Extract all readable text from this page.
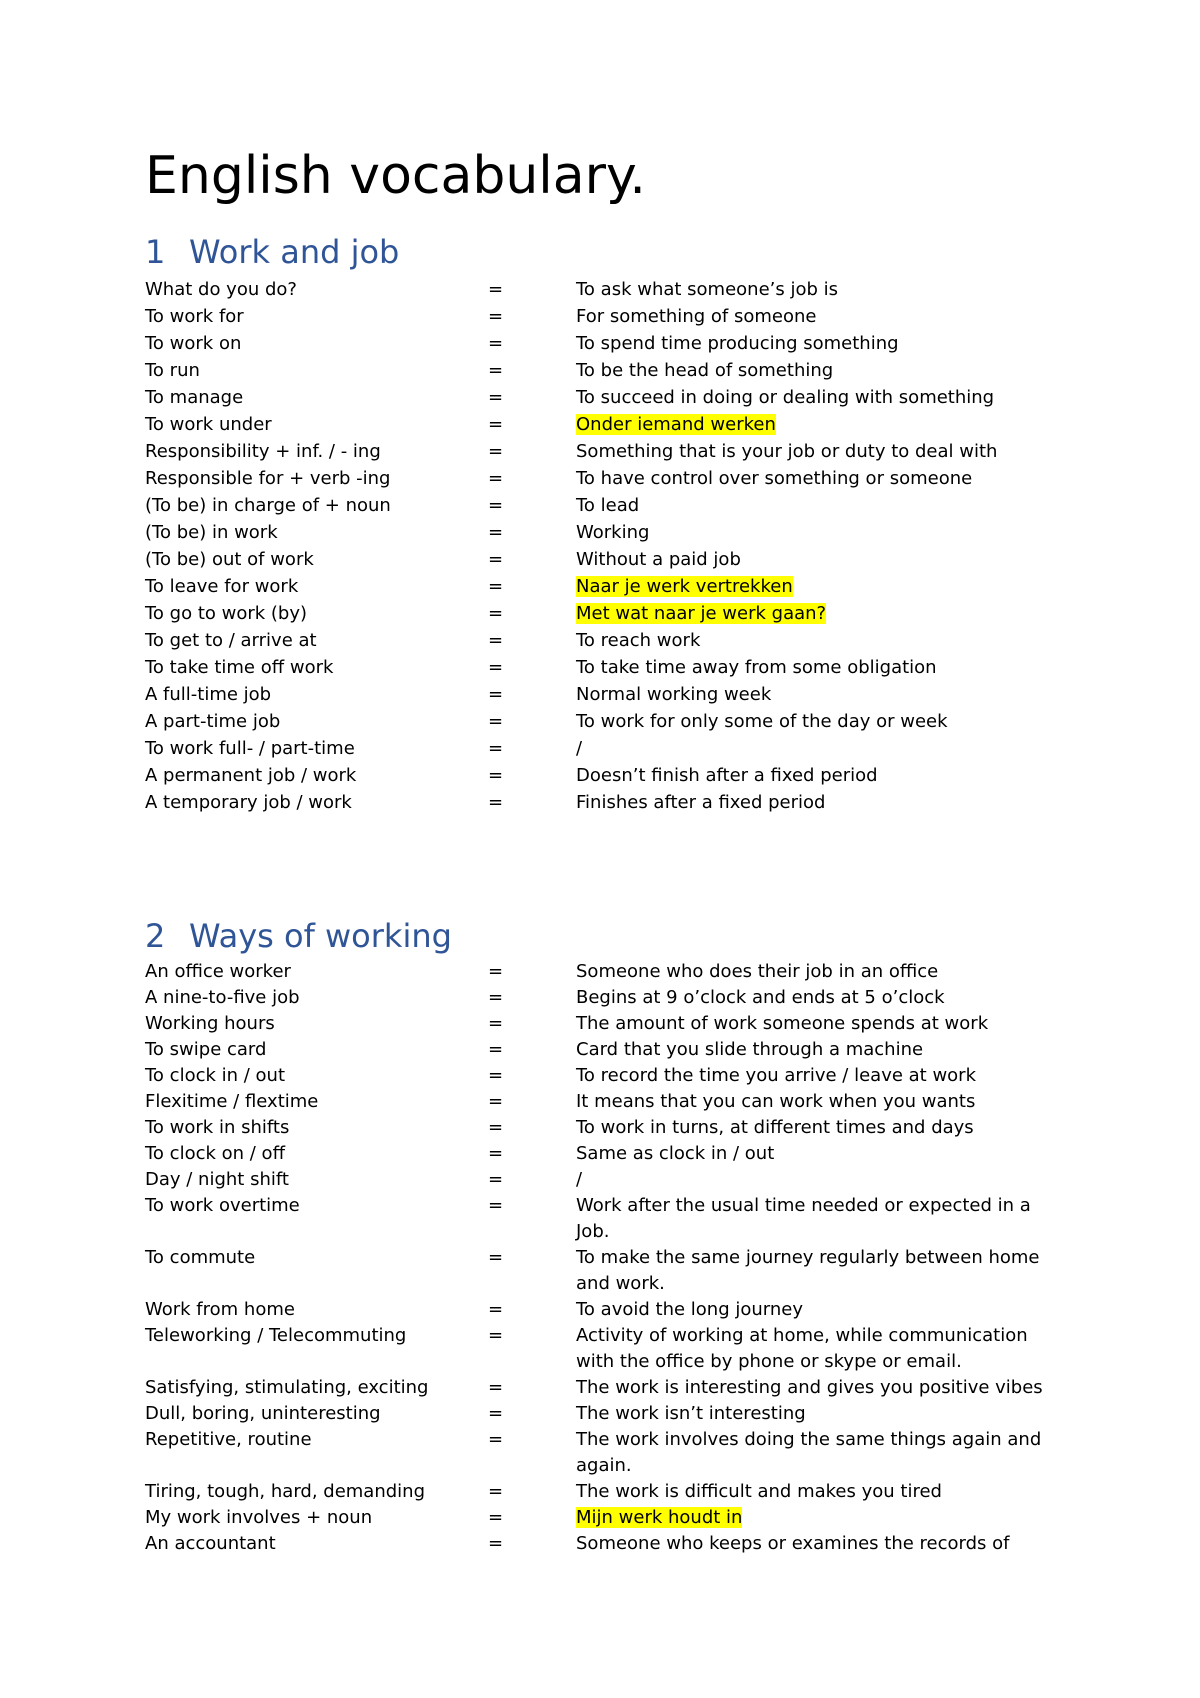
English vocabulary.
1 Work and job
What do you do?	=	To ask what someone’s job is
To work for	=	For something of someone
To work on	=	To spend time producing something
To run	=	To be the head of something
To manage	=	To succeed in doing or dealing with something
To work under	=	Onder iemand werken
Responsibility + inf. / - ing	=	Something that is your job or duty to deal with
Responsible for + verb -ing	=	To have control over something or someone
(To be) in charge of + noun	=	To lead
(To be) in work	=	Working
(To be) out of work	=	Without a paid job
To leave for work	=	Naar je werk vertrekken
To go to work (by)	=	Met wat naar je werk gaan?
To get to / arrive at	=	To reach work
To take time off work	=	To take time away from some obligation
A full-time job	=	Normal working week
A part-time job	=	To work for only some of the day or week
To work full- / part-time	=	/
A permanent job / work	=	Doesn’t finish after a fixed period
A temporary job / work	=	Finishes after a fixed period
2 Ways of working
An office worker	=	Someone who does their job in an office
A nine-to-five job	=	Begins at 9 o’clock and ends at 5 o’clock
Working hours	=	The amount of work someone spends at work
To swipe card	=	Card that you slide through a machine
To clock in / out	=	To record the time you arrive / leave at work
Flexitime / flextime	=	It means that you can work when you wants
To work in shifts	=	To work in turns, at different times and days
To clock on / off	=	Same as clock in / out
Day / night shift	=	/
To work overtime	=	Work after the usual time needed or expected in a Job.
To commute	=	To make the same journey regularly between home and work.
Work from home	=	To avoid the long journey
Teleworking / Telecommuting	=	Activity of working at home, while communication with the office by phone or skype or email.
Satisfying, stimulating, exciting	=	The work is interesting and gives you positive vibes
Dull, boring, uninteresting	=	The work isn’t interesting
Repetitive, routine	=	The work involves doing the same things again and again.
Tiring, tough, hard, demanding	=	The work is difficult and makes you tired
My work involves + noun	=	Mijn werk houdt in
An accountant	=	Someone who keeps or examines the records of
